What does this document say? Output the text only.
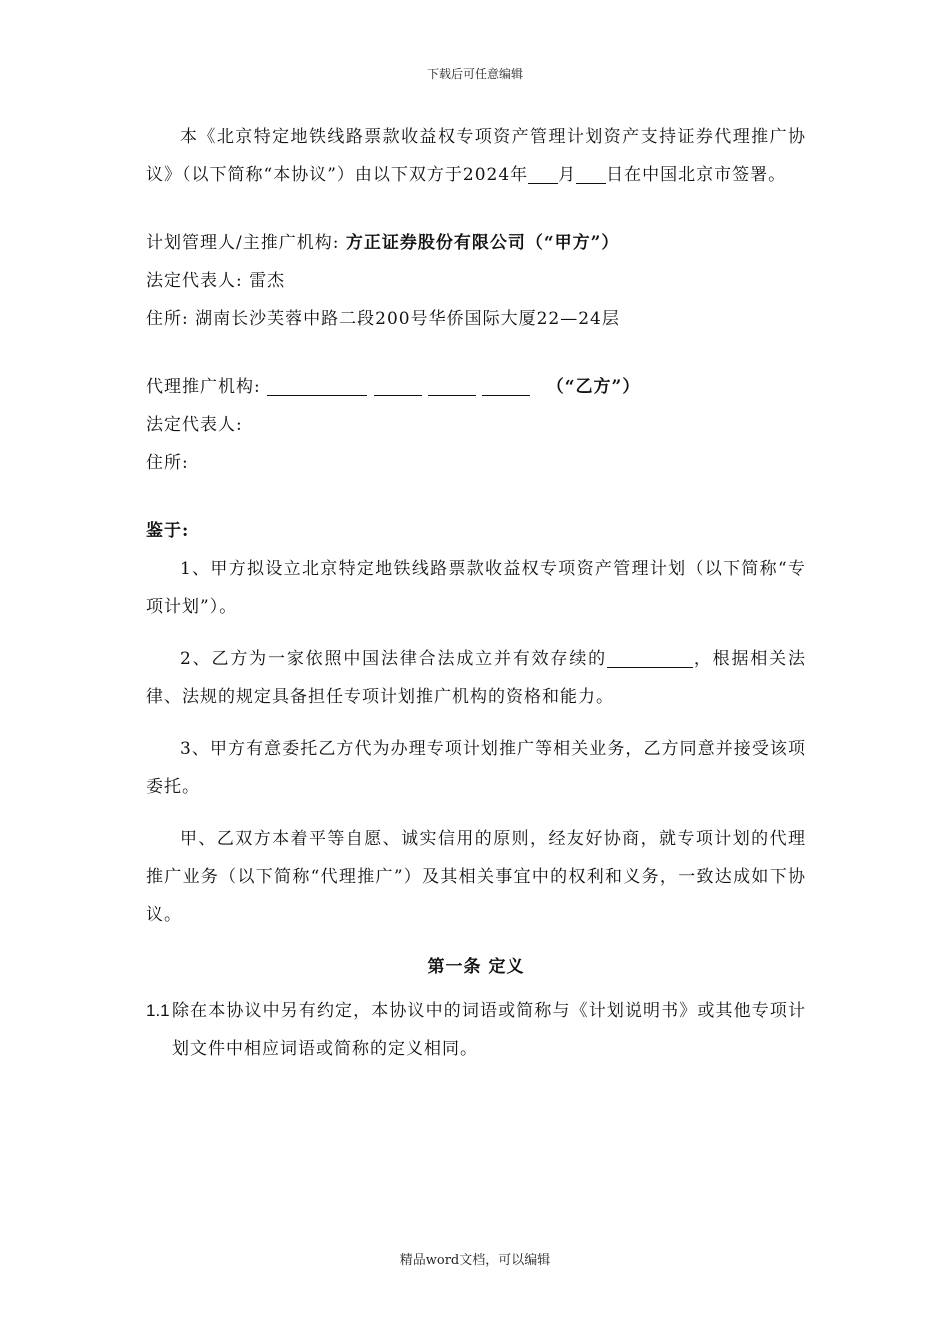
下载后可任意编辑

本《北京特定地铁线路票款收益权专项资产管理计划资产支持证券代理推广协议》（以下简称“本协议”）由以下双方于2024年 月 日在中国北京市签署。

计划管理人/主推广机构: 方正证券股份有限公司（“甲方”）

法定代表人: 雷杰

住所: 湖南长沙芙蓉中路二段200号华侨国际大厦22—24层

代理推广机构:	（“乙方”）

法定代表人:

住所:

鉴于:

1、甲方拟设立北京特定地铁线路票款收益权专项资产管理计划（以下简称“专项计划”）。

2、乙方为一家依照中国法律合法成立并有效存续的	，根据相关法律、法规的规定具备担任专项计划推广机构的资格和能力。

3、甲方有意委托乙方代为办理专项计划推广等相关业务，乙方同意并接受该项委托。

甲、乙双方本着平等自愿、诚实信用的原则，经友好协商，就专项计划的代理推广业务（以下简称“代理推广”）及其相关事宜中的权利和义务，一致达成如下协议。

第一条 定义

1.1 除在本协议中另有约定，本协议中的词语或简称与《计划说明书》或其他专项计划文件中相应词语或简称的定义相同。
精品word文档，可以编辑
